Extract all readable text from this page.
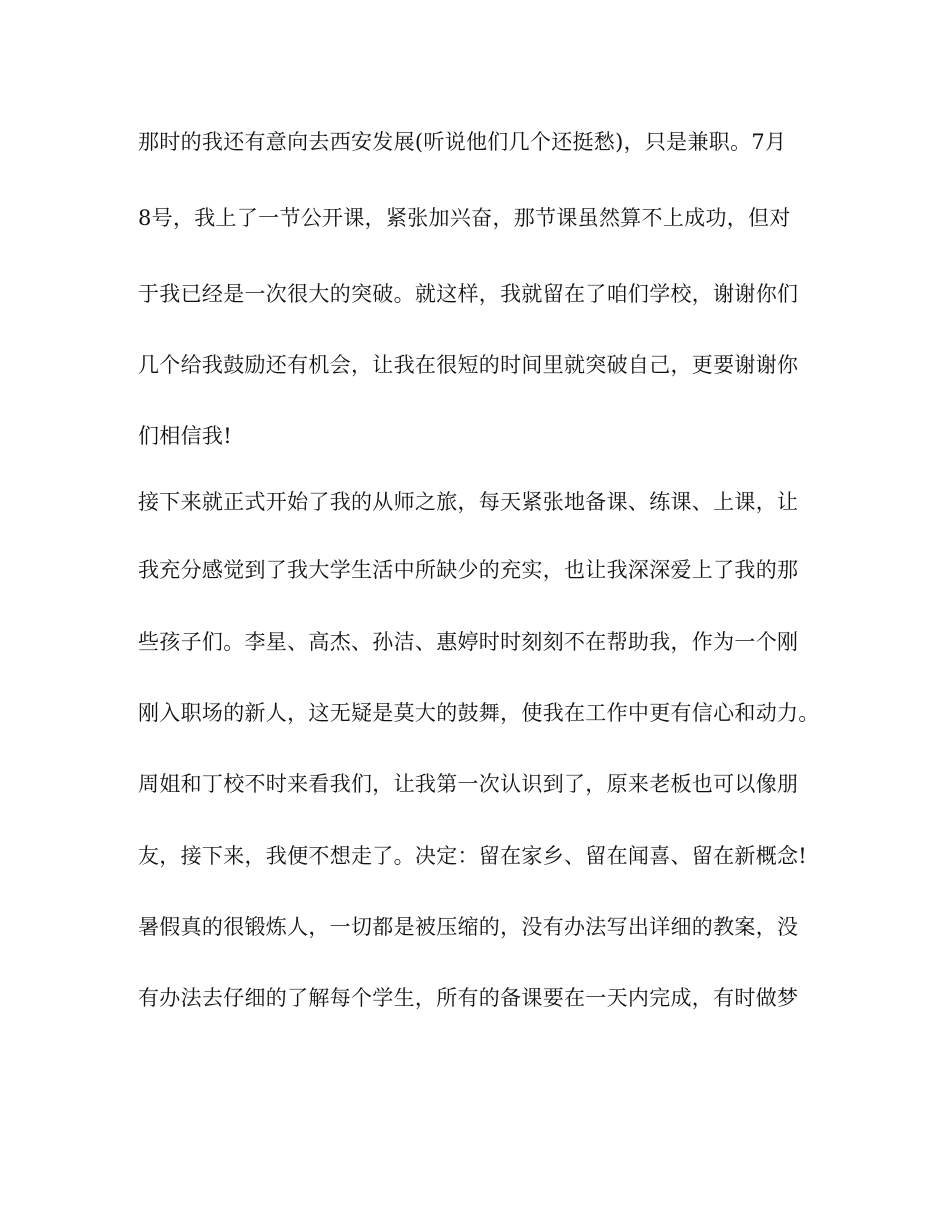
那时的我还有意向去西安发展(听说他们几个还挺愁)，只是兼职。7月
8号，我上了一节公开课，紧张加兴奋，那节课虽然算不上成功，但对
于我已经是一次很大的突破。就这样，我就留在了咱们学校，谢谢你们
几个给我鼓励还有机会，让我在很短的时间里就突破自己，更要谢谢你
们相信我!
接下来就正式开始了我的从师之旅，每天紧张地备课、练课、上课，让
我充分感觉到了我大学生活中所缺少的充实，也让我深深爱上了我的那
些孩子们。李星、高杰、孙洁、惠婷时时刻刻不在帮助我，作为一个刚
刚入职场的新人，这无疑是莫大的鼓舞，使我在工作中更有信心和动力。
周姐和丁校不时来看我们，让我第一次认识到了，原来老板也可以像朋
友，接下来，我便不想走了。决定：留在家乡、留在闻喜、留在新概念!
暑假真的很锻炼人，一切都是被压缩的，没有办法写出详细的教案，没
有办法去仔细的了解每个学生，所有的备课要在一天内完成，有时做梦
